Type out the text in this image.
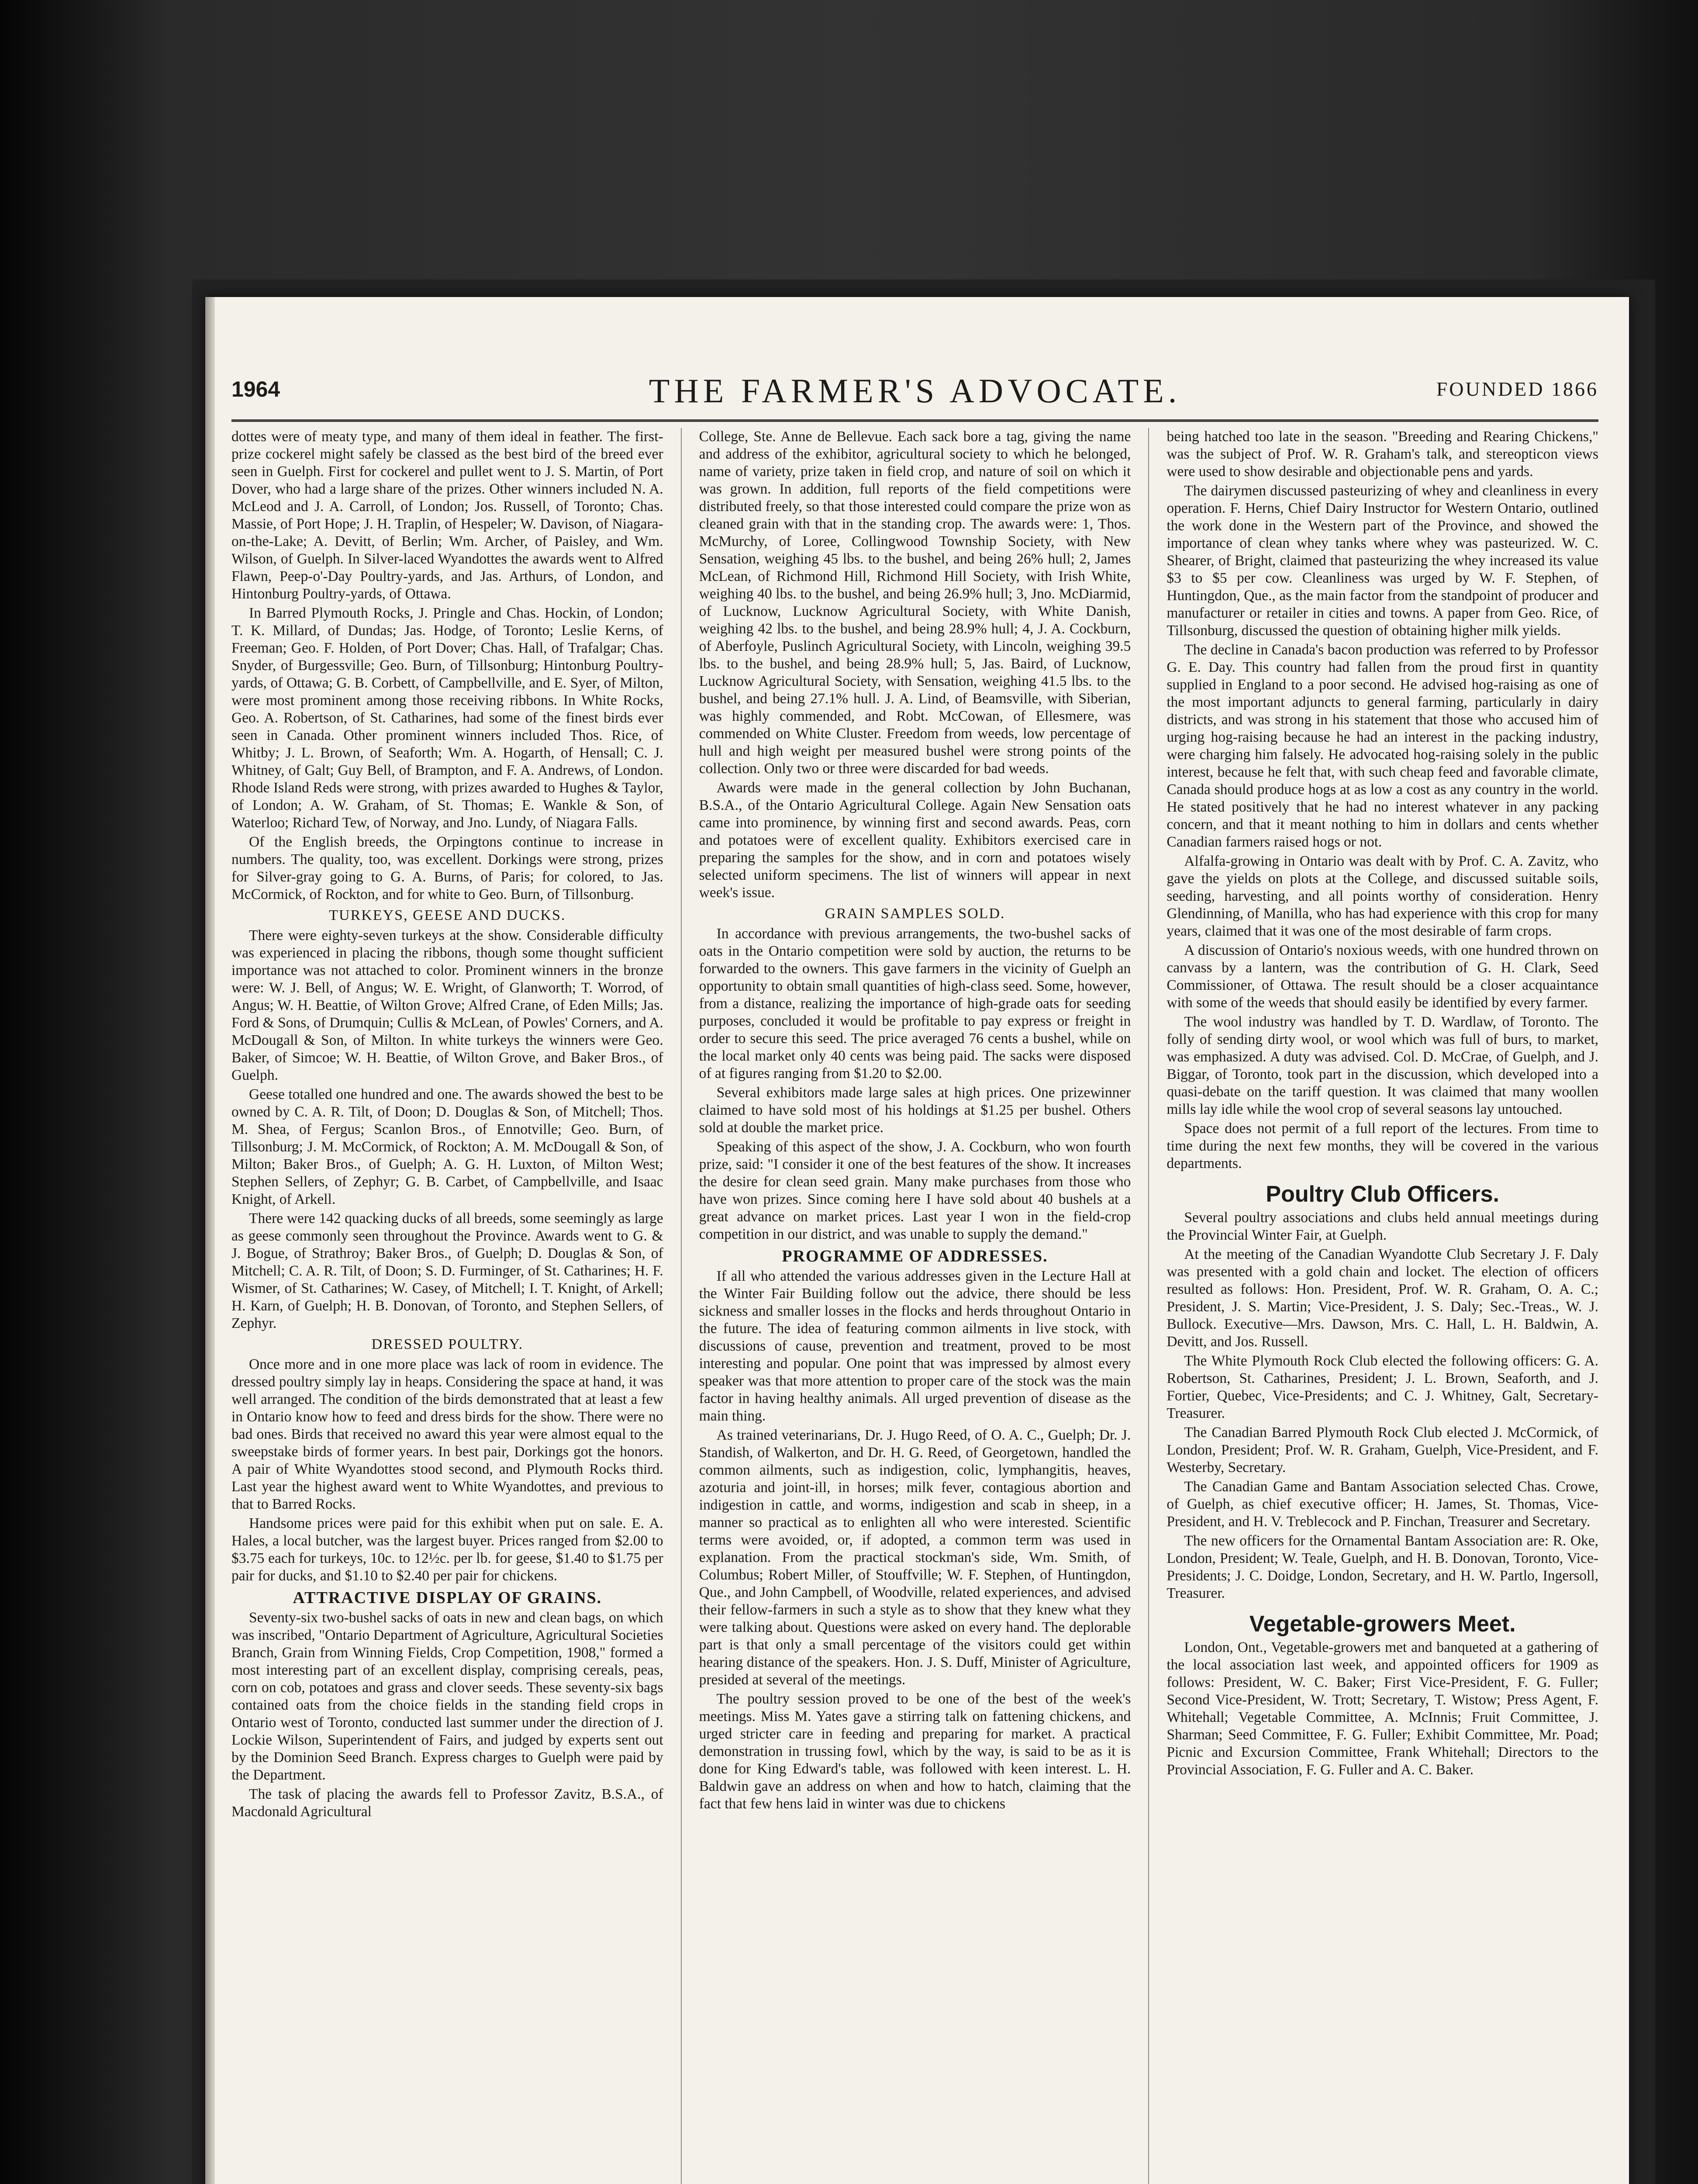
1964	THE FARMER'S ADVOCATE.	FOUNDED 1866

dottes were of meaty type, and many of them ideal in feather. The first-prize cockerel might safely be classed as the best bird of the breed ever seen in Guelph. First for cockerel and pullet went to J. S. Martin, of Port Dover, who had a large share of the prizes. Other winners included N. A. McLeod and J. A. Carroll, of London; Jos. Russell, of Toronto; Chas. Massie, of Port Hope; J. H. Traplin, of Hespeler; W. Davison, of Niagara-on-the-Lake; A. Devitt, of Berlin; Wm. Archer, of Paisley, and Wm. Wilson, of Guelph. In Silver-laced Wyandottes the awards went to Alfred Flawn, Peep-o'-Day Poultry-yards, and Jas. Arthurs, of London, and Hintonburg Poultry-yards, of Ottawa.

In Barred Plymouth Rocks, J. Pringle and Chas. Hockin, of London; T. K. Millard, of Dundas; Jas. Hodge, of Toronto; Leslie Kerns, of Freeman; Geo. F. Holden, of Port Dover; Chas. Hall, of Trafalgar; Chas. Snyder, of Burgessville; Geo. Burn, of Tillsonburg; Hintonburg Poultry-yards, of Ottawa; G. B. Corbett, of Campbellville, and E. Syer, of Milton, were most prominent among those receiving ribbons. In White Rocks, Geo. A. Robertson, of St. Catharines, had some of the finest birds ever seen in Canada. Other prominent winners included Thos. Rice, of Whitby; J. L. Brown, of Seaforth; Wm. A. Hogarth, of Hensall; C. J. Whitney, of Galt; Guy Bell, of Brampton, and F. A. Andrews, of London. Rhode Island Reds were strong, with prizes awarded to Hughes & Taylor, of London; A. W. Graham, of St. Thomas; E. Wankle & Son, of Waterloo; Richard Tew, of Norway, and Jno. Lundy, of Niagara Falls.

Of the English breeds, the Orpingtons continue to increase in numbers. The quality, too, was excellent. Dorkings were strong, prizes for Silver-gray going to G. A. Burns, of Paris; for colored, to Jas. McCormick, of Rockton, and for white to Geo. Burn, of Tillsonburg.

TURKEYS, GEESE AND DUCKS.

There were eighty-seven turkeys at the show. Considerable difficulty was experienced in placing the ribbons, though some thought sufficient importance was not attached to color. Prominent winners in the bronze were: W. J. Bell, of Angus; W. E. Wright, of Glanworth; T. Worrod, of Angus; W. H. Beattie, of Wilton Grove; Alfred Crane, of Eden Mills; Jas. Ford & Sons, of Drumquin; Cullis & McLean, of Powles' Corners, and A. McDougall & Son, of Milton. In white turkeys the winners were Geo. Baker, of Simcoe; W. H. Beattie, of Wilton Grove, and Baker Bros., of Guelph.

Geese totalled one hundred and one. The awards showed the best to be owned by C. A. R. Tilt, of Doon; D. Douglas & Son, of Mitchell; Thos. M. Shea, of Fergus; Scanlon Bros., of Ennotville; Geo. Burn, of Tillsonburg; J. M. McCormick, of Rockton; A. M. McDougall & Son, of Milton; Baker Bros., of Guelph; A. G. H. Luxton, of Milton West; Stephen Sellers, of Zephyr; G. B. Carbet, of Campbellville, and Isaac Knight, of Arkell.

There were 142 quacking ducks of all breeds, some seemingly as large as geese commonly seen throughout the Province. Awards went to G. & J. Bogue, of Strathroy; Baker Bros., of Guelph; D. Douglas & Son, of Mitchell; C. A. R. Tilt, of Doon; S. D. Furminger, of St. Catharines; H. F. Wismer, of St. Catharines; W. Casey, of Mitchell; I. T. Knight, of Arkell; H. Karn, of Guelph; H. B. Donovan, of Toronto, and Stephen Sellers, of Zephyr.

DRESSED POULTRY.

Once more and in one more place was lack of room in evidence. The dressed poultry simply lay in heaps. Considering the space at hand, it was well arranged. The condition of the birds demonstrated that at least a few in Ontario know how to feed and dress birds for the show. There were no bad ones. Birds that received no award this year were almost equal to the sweepstake birds of former years. In best pair, Dorkings got the honors. A pair of White Wyandottes stood second, and Plymouth Rocks third. Last year the highest award went to White Wyandottes, and previous to that to Barred Rocks.

Handsome prices were paid for this exhibit when put on sale. E. A. Hales, a local butcher, was the largest buyer. Prices ranged from $2.00 to $3.75 each for turkeys, 10c. to 12½c. per lb. for geese, $1.40 to $1.75 per pair for ducks, and $1.10 to $2.40 per pair for chickens.

ATTRACTIVE DISPLAY OF GRAINS.

Seventy-six two-bushel sacks of oats in new and clean bags, on which was inscribed, "Ontario Department of Agriculture, Agricultural Societies Branch, Grain from Winning Fields, Crop Competition, 1908," formed a most interesting part of an excellent display, comprising cereals, peas, corn on cob, potatoes and grass and clover seeds. These seventy-six bags contained oats from the choice fields in the standing field crops in Ontario west of Toronto, conducted last summer under the direction of J. Lockie Wilson, Superintendent of Fairs, and judged by experts sent out by the Dominion Seed Branch. Express charges to Guelph were paid by the Department.

The task of placing the awards fell to Professor Zavitz, B.S.A., of Macdonald Agricultural

College, Ste. Anne de Bellevue. Each sack bore a tag, giving the name and address of the exhibitor, agricultural society to which he belonged, name of variety, prize taken in field crop, and nature of soil on which it was grown. In addition, full reports of the field competitions were distributed freely, so that those interested could compare the prize won as cleaned grain with that in the standing crop. The awards were: 1, Thos. McMurchy, of Loree, Collingwood Township Society, with New Sensation, weighing 45 lbs. to the bushel, and being 26% hull; 2, James McLean, of Richmond Hill, Richmond Hill Society, with Irish White, weighing 40 lbs. to the bushel, and being 26.9% hull; 3, Jno. McDiarmid, of Lucknow, Lucknow Agricultural Society, with White Danish, weighing 42 lbs. to the bushel, and being 28.9% hull; 4, J. A. Cockburn, of Aberfoyle, Puslinch Agricultural Society, with Lincoln, weighing 39.5 lbs. to the bushel, and being 28.9% hull; 5, Jas. Baird, of Lucknow, Lucknow Agricultural Society, with Sensation, weighing 41.5 lbs. to the bushel, and being 27.1% hull. J. A. Lind, of Beamsville, with Siberian, was highly commended, and Robt. McCowan, of Ellesmere, was commended on White Cluster. Freedom from weeds, low percentage of hull and high weight per measured bushel were strong points of the collection. Only two or three were discarded for bad weeds.

Awards were made in the general collection by John Buchanan, B.S.A., of the Ontario Agricultural College. Again New Sensation oats came into prominence, by winning first and second awards. Peas, corn and potatoes were of excellent quality. Exhibitors exercised care in preparing the samples for the show, and in corn and potatoes wisely selected uniform specimens. The list of winners will appear in next week's issue.

GRAIN SAMPLES SOLD.

In accordance with previous arrangements, the two-bushel sacks of oats in the Ontario competition were sold by auction, the returns to be forwarded to the owners. This gave farmers in the vicinity of Guelph an opportunity to obtain small quantities of high-class seed. Some, however, from a distance, realizing the importance of high-grade oats for seeding purposes, concluded it would be profitable to pay express or freight in order to secure this seed. The price averaged 76 cents a bushel, while on the local market only 40 cents was being paid. The sacks were disposed of at figures ranging from $1.20 to $2.00.

Several exhibitors made large sales at high prices. One prizewinner claimed to have sold most of his holdings at $1.25 per bushel. Others sold at double the market price.

Speaking of this aspect of the show, J. A. Cockburn, who won fourth prize, said: "I consider it one of the best features of the show. It increases the desire for clean seed grain. Many make purchases from those who have won prizes. Since coming here I have sold about 40 bushels at a great advance on market prices. Last year I won in the field-crop competition in our district, and was unable to supply the demand."

PROGRAMME OF ADDRESSES.

If all who attended the various addresses given in the Lecture Hall at the Winter Fair Building follow out the advice, there should be less sickness and smaller losses in the flocks and herds throughout Ontario in the future. The idea of featuring common ailments in live stock, with discussions of cause, prevention and treatment, proved to be most interesting and popular. One point that was impressed by almost every speaker was that more attention to proper care of the stock was the main factor in having healthy animals. All urged prevention of disease as the main thing.

As trained veterinarians, Dr. J. Hugo Reed, of O. A. C., Guelph; Dr. J. Standish, of Walkerton, and Dr. H. G. Reed, of Georgetown, handled the common ailments, such as indigestion, colic, lymphangitis, heaves, azoturia and joint-ill, in horses; milk fever, contagious abortion and indigestion in cattle, and worms, indigestion and scab in sheep, in a manner so practical as to enlighten all who were interested. Scientific terms were avoided, or, if adopted, a common term was used in explanation. From the practical stockman's side, Wm. Smith, of Columbus; Robert Miller, of Stouffville; W. F. Stephen, of Huntingdon, Que., and John Campbell, of Woodville, related experiences, and advised their fellow-farmers in such a style as to show that they knew what they were talking about. Questions were asked on every hand. The deplorable part is that only a small percentage of the visitors could get within hearing distance of the speakers. Hon. J. S. Duff, Minister of Agriculture, presided at several of the meetings.

The poultry session proved to be one of the best of the week's meetings. Miss M. Yates gave a stirring talk on fattening chickens, and urged stricter care in feeding and preparing for market. A practical demonstration in trussing fowl, which by the way, is said to be as it is done for King Edward's table, was followed with keen interest. L. H. Baldwin gave an address on when and how to hatch, claiming that the fact that few hens laid in winter was due to chickens

being hatched too late in the season. "Breeding and Rearing Chickens," was the subject of Prof. W. R. Graham's talk, and stereopticon views were used to show desirable and objectionable pens and yards.

The dairymen discussed pasteurizing of whey and cleanliness in every operation. F. Herns, Chief Dairy Instructor for Western Ontario, outlined the work done in the Western part of the Province, and showed the importance of clean whey tanks where whey was pasteurized. W. C. Shearer, of Bright, claimed that pasteurizing the whey increased its value $3 to $5 per cow. Cleanliness was urged by W. F. Stephen, of Huntingdon, Que., as the main factor from the standpoint of producer and manufacturer or retailer in cities and towns. A paper from Geo. Rice, of Tillsonburg, discussed the question of obtaining higher milk yields.

The decline in Canada's bacon production was referred to by Professor G. E. Day. This country had fallen from the proud first in quantity supplied in England to a poor second. He advised hog-raising as one of the most important adjuncts to general farming, particularly in dairy districts, and was strong in his statement that those who accused him of urging hog-raising because he had an interest in the packing industry, were charging him falsely. He advocated hog-raising solely in the public interest, because he felt that, with such cheap feed and favorable climate, Canada should produce hogs at as low a cost as any country in the world. He stated positively that he had no interest whatever in any packing concern, and that it meant nothing to him in dollars and cents whether Canadian farmers raised hogs or not.

Alfalfa-growing in Ontario was dealt with by Prof. C. A. Zavitz, who gave the yields on plots at the College, and discussed suitable soils, seeding, harvesting, and all points worthy of consideration. Henry Glendinning, of Manilla, who has had experience with this crop for many years, claimed that it was one of the most desirable of farm crops.

A discussion of Ontario's noxious weeds, with one hundred thrown on canvass by a lantern, was the contribution of G. H. Clark, Seed Commissioner, of Ottawa. The result should be a closer acquaintance with some of the weeds that should easily be identified by every farmer.

The wool industry was handled by T. D. Wardlaw, of Toronto. The folly of sending dirty wool, or wool which was full of burs, to market, was emphasized. A duty was advised. Col. D. McCrae, of Guelph, and J. Biggar, of Toronto, took part in the discussion, which developed into a quasi-debate on the tariff question. It was claimed that many woollen mills lay idle while the wool crop of several seasons lay untouched.

Space does not permit of a full report of the lectures. From time to time during the next few months, they will be covered in the various departments.

Poultry Club Officers.

Several poultry associations and clubs held annual meetings during the Provincial Winter Fair, at Guelph.

At the meeting of the Canadian Wyandotte Club Secretary J. F. Daly was presented with a gold chain and locket. The election of officers resulted as follows: Hon. President, Prof. W. R. Graham, O. A. C.; President, J. S. Martin; Vice-President, J. S. Daly; Sec.-Treas., W. J. Bullock. Executive—Mrs. Dawson, Mrs. C. Hall, L. H. Baldwin, A. Devitt, and Jos. Russell.

The White Plymouth Rock Club elected the following officers: G. A. Robertson, St. Catharines, President; J. L. Brown, Seaforth, and J. Fortier, Quebec, Vice-Presidents; and C. J. Whitney, Galt, Secretary-Treasurer.

The Canadian Barred Plymouth Rock Club elected J. McCormick, of London, President; Prof. W. R. Graham, Guelph, Vice-President, and F. Westerby, Secretary.

The Canadian Game and Bantam Association selected Chas. Crowe, of Guelph, as chief executive officer; H. James, St. Thomas, Vice-President, and H. V. Treblecock and P. Finchan, Treasurer and Secretary.

The new officers for the Ornamental Bantam Association are: R. Oke, London, President; W. Teale, Guelph, and H. B. Donovan, Toronto, Vice-Presidents; J. C. Doidge, London, Secretary, and H. W. Partlo, Ingersoll, Treasurer.

Vegetable-growers Meet.

London, Ont., Vegetable-growers met and banqueted at a gathering of the local association last week, and appointed officers for 1909 as follows: President, W. C. Baker; First Vice-President, F. G. Fuller; Second Vice-President, W. Trott; Secretary, T. Wistow; Press Agent, F. Whitehall; Vegetable Committee, A. McInnis; Fruit Committee, J. Sharman; Seed Committee, F. G. Fuller; Exhibit Committee, Mr. Poad; Picnic and Excursion Committee, Frank Whitehall; Directors to the Provincial Association, F. G. Fuller and A. C. Baker.
